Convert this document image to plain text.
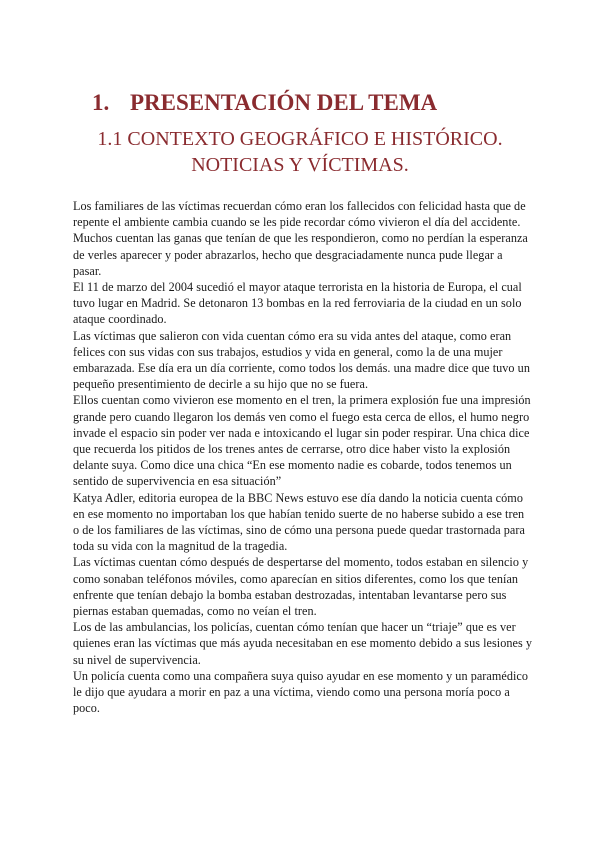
1. PRESENTACIÓN DEL TEMA
1.1 CONTEXTO GEOGRÁFICO E HISTÓRICO. NOTICIAS Y VÍCTIMAS.

Los familiares de las víctimas recuerdan cómo eran los fallecidos con felicidad hasta que de repente el ambiente cambia cuando se les pide recordar cómo vivieron el día del accidente. Muchos cuentan las ganas que tenían de que les respondieron, como no perdían la esperanza de verles aparecer y poder abrazarlos, hecho que desgraciadamente nunca pude llegar a pasar.

El 11 de marzo del 2004 sucedió el mayor ataque terrorista en la historia de Europa, el cual tuvo lugar en Madrid. Se detonaron 13 bombas en la red ferroviaria de la ciudad en un solo ataque coordinado.

Las víctimas que salieron con vida cuentan cómo era su vida antes del ataque, como eran felices con sus vidas con sus trabajos, estudios y vida en general, como la de una mujer embarazada. Ese día era un día corriente, como todos los demás. una madre dice que tuvo un pequeño presentimiento de decirle a su hijo que no se fuera.

Ellos cuentan como vivieron ese momento en el tren, la primera explosión fue una impresión grande pero cuando llegaron los demás ven como el fuego esta cerca de ellos, el humo negro invade el espacio sin poder ver nada e intoxicando el lugar sin poder respirar. Una chica dice que recuerda los pitidos de los trenes antes de cerrarse, otro dice haber visto la explosión delante suya. Como dice una chica “En ese momento nadie es cobarde, todos tenemos un sentido de supervivencia en esa situación”

Katya Adler, editoria europea de la BBC News estuvo ese día dando la noticia cuenta cómo en ese momento no importaban los que habían tenido suerte de no haberse subido a ese tren o de los familiares de las víctimas, sino de cómo una persona puede quedar trastornada para toda su vida con la magnitud de la tragedia.

Las víctimas cuentan cómo después de despertarse del momento, todos estaban en silencio y como sonaban teléfonos móviles, como aparecían en sitios diferentes, como los que tenían enfrente que tenían debajo la bomba estaban destrozadas, intentaban levantarse pero sus piernas estaban quemadas, como no veían el tren.

Los de las ambulancias, los policías, cuentan cómo tenían que hacer un “triaje” que es ver quienes eran las víctimas que más ayuda necesitaban en ese momento debido a sus lesiones y su nivel de supervivencia.

Un policía cuenta como una compañera suya quiso ayudar en ese momento y un paramédico le dijo que ayudara a morir en paz a una víctima, viendo como una persona moría poco a poco.
